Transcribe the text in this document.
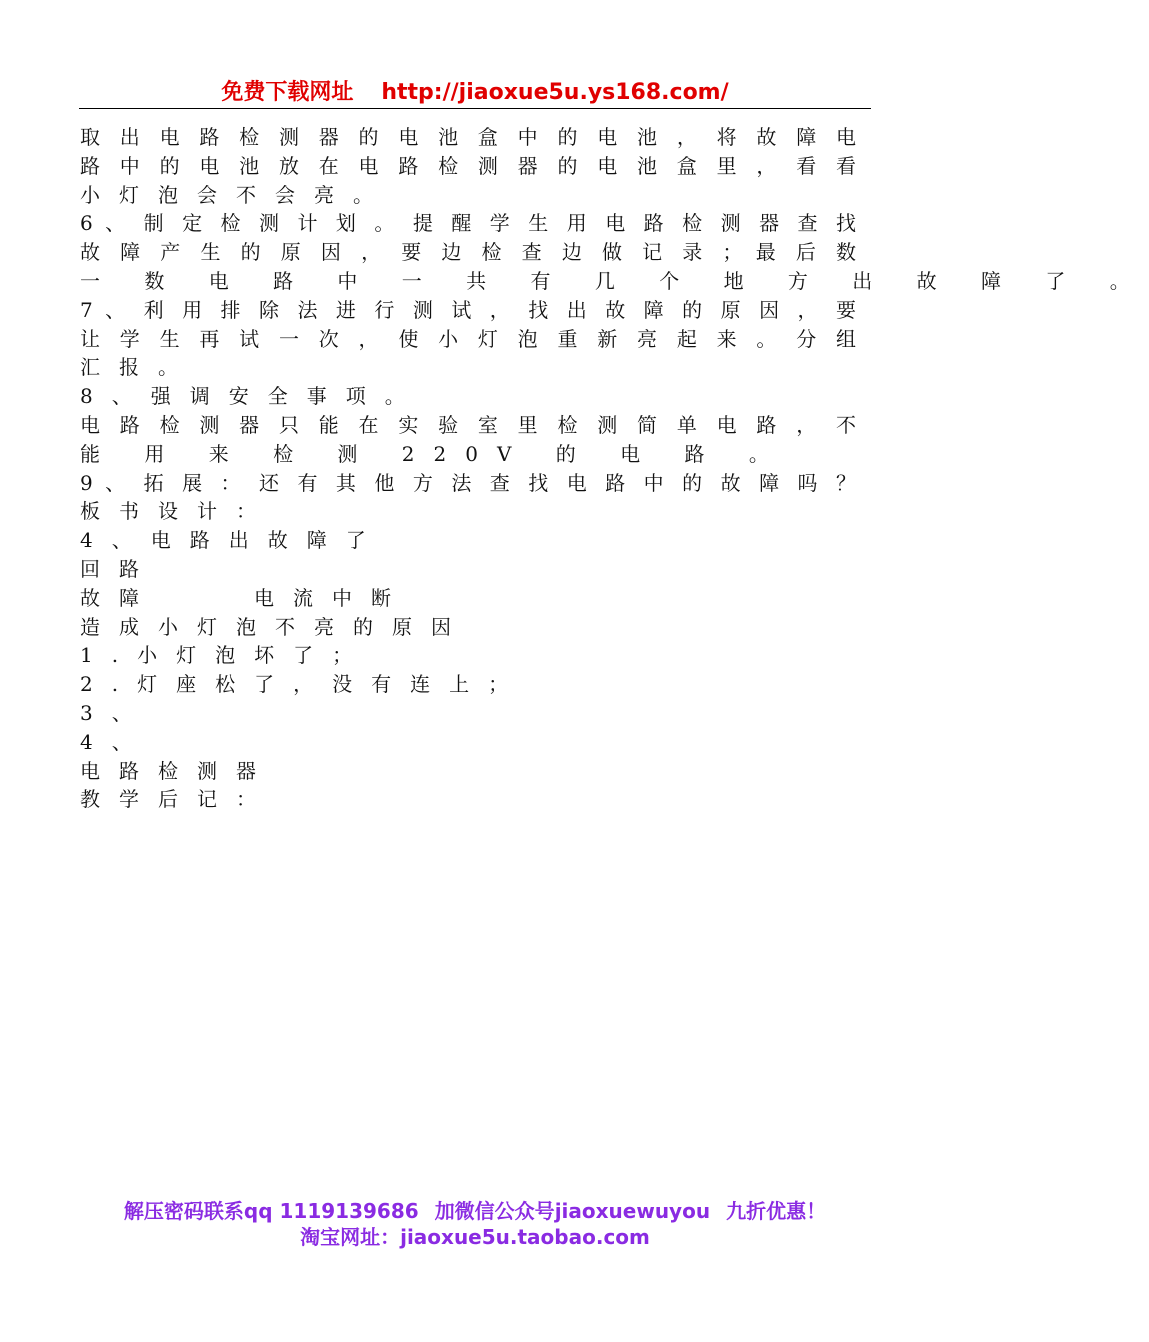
免费下载网址 http://jiaoxue5u.ys168.com/
取 出 电 路 检 测 器 的 电 池 盒 中 的 电 池 ， 将 故 障 电
路 中 的 电 池 放 在 电 路 检 测 器 的 电 池 盒 里 ， 看 看
小灯泡会不会亮。
6 、 制 定 检 测 计 划 。 提 醒 学 生 用 电 路 检 测 器 查 找
故 障 产 生 的 原 因 ， 要 边 检 查 边 做 记 录 ； 最 后 数
一 数 电 路 中 一 共 有 几 个 地 方 出 故 障 了 。
7 、 利 用 排 除 法 进 行 测 试 ， 找 出 故 障 的 原 因 ， 要
让 学 生 再 试 一 次 ， 使 小 灯 泡 重 新 亮 起 来 。 分 组
汇报。
8、强调安全事项。
电 路 检 测 器 只 能 在 实 验 室 里 检 测 简 单 电 路 ， 不
能 用 来 检 测 220V 的 电 路 。
9 、 拓 展 ： 还 有 其 他 方 法 查 找 电 路 中 的 故 障 吗 ？
板书设计：
4、电路出故障了
回路
故障	电流中断
造成小灯泡不亮的原因
1.小灯泡坏了；
2.灯座松了，没有连上；
3、
4、
电路检测器
教学后记：
解压密码联系qq 1119139686 加微信公众号jiaoxuewuyou 九折优惠！
淘宝网址：jiaoxue5u.taobao.com
